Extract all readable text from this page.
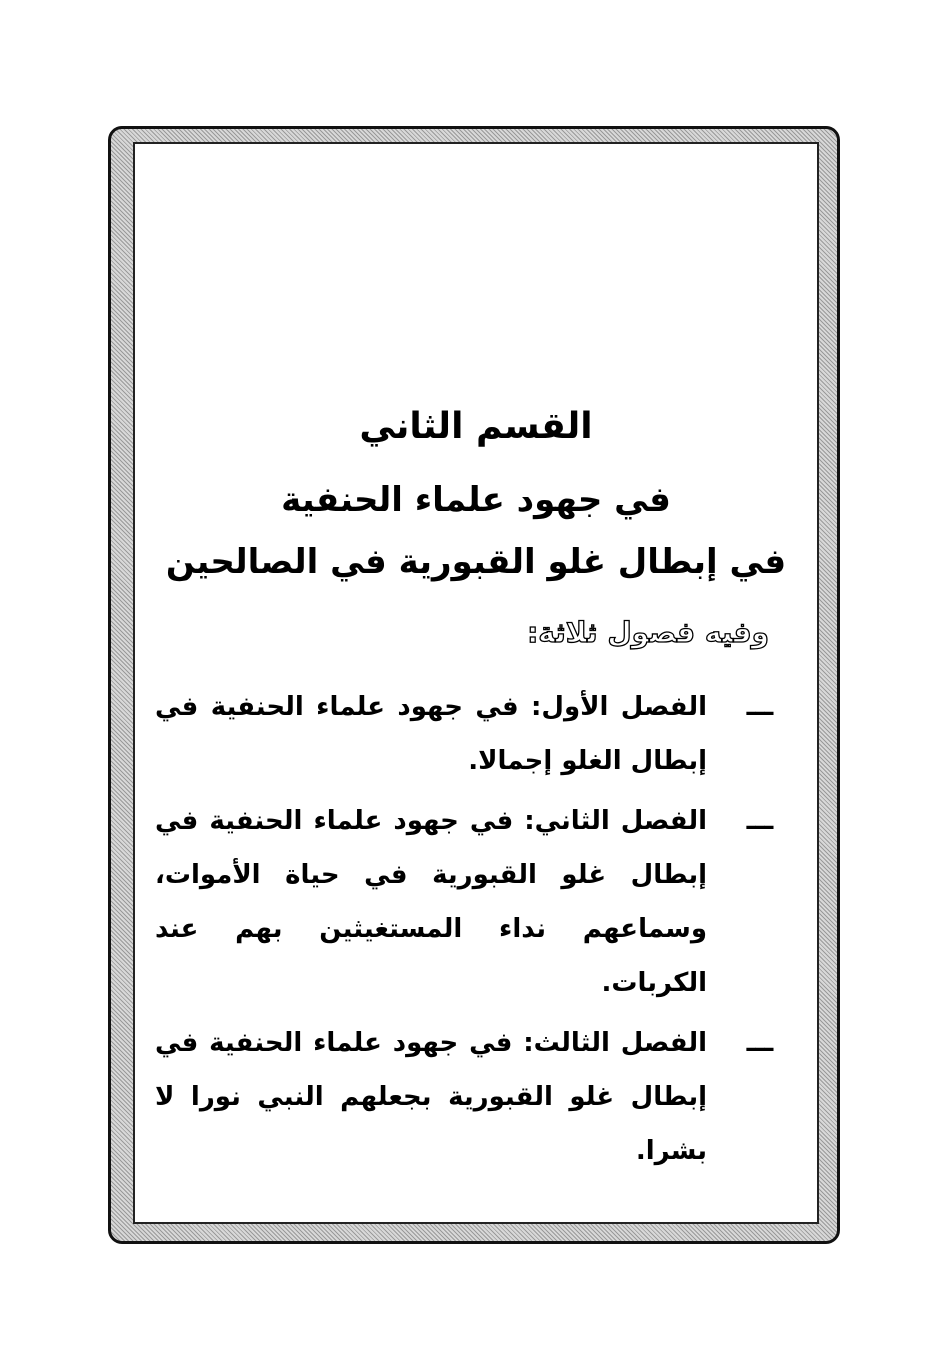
القسم الثاني
في جهود علماء الحنفية
في إبطال غلو القبورية في الصالحين

وفيه فصول ثلاثة:

ـــ
الفصل الأول: في جهود علماء الحنفية في إبطال الغلو إجمالا.
ـــ
الفصل الثاني: في جهود علماء الحنفية في إبطال غلو القبورية في حياة الأموات، وسماعهم نداء المستغيثين بهم عند الكربات.
ـــ
الفصل الثالث: في جهود علماء الحنفية في إبطال غلو القبورية بجعلهم النبي نورا لا بشرا.
